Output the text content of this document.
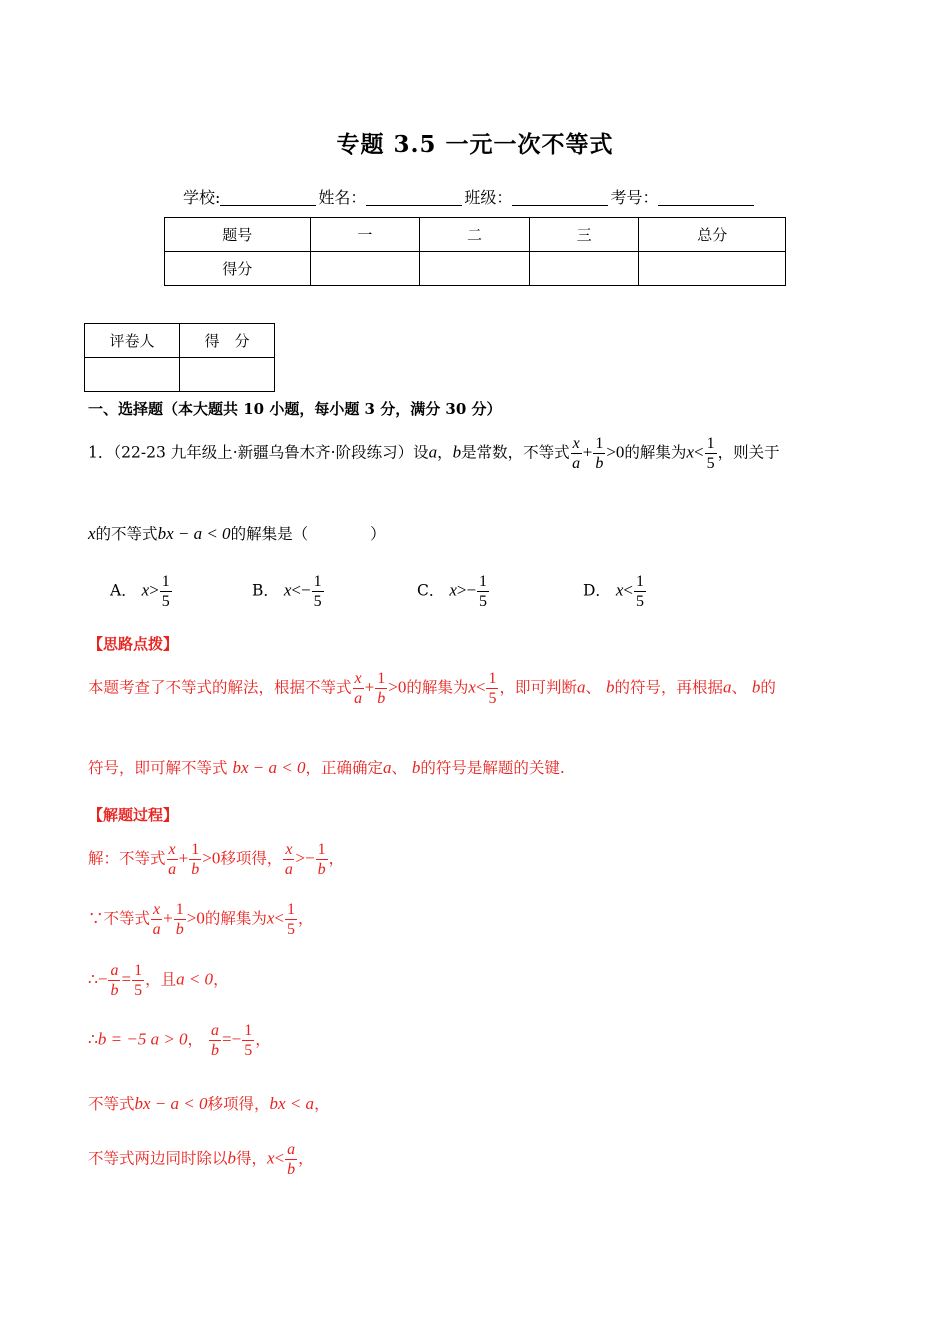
专题 3.5 一元一次不等式
学校:	姓名：	班级：	考号：
题号	一	二	三	总分
得分				
评卷人	得　分

一、选择题（本大题共 10 小题，每小题 3 分，满分 30 分）
1．（22-23 九年级上·新疆乌鲁木齐·阶段练习）设a，b是常数，不等式 $\frac{x}{a} + \frac{1}{b} >0$的解集为$x< \frac{1}{5}$ ，则关于
x的不等式bx − a < 0的解集是（　　　　）
A． $x> \frac{1}{5}$	B． $x<- \frac{1}{5}$	C． $x>- \frac{1}{5}$	D． $x< \frac{1}{5}$
【思路点拨】
本题考查了不等式的解法，根据不等式 $\frac{x}{a} + \frac{1}{b} >0$的解集为$x< \frac{1}{5}$ ，即可判断a、 b的符号，再根据a、 b的
符号，即可解不等式 bx − a < 0，正确确定a、 b的符号是解题的关键.
【解题过程】
解：不等式 $\frac{x}{a} + \frac{1}{b} >0$移项得， $\frac{x}{a} >- \frac{1}{b}$ ，
∵不等式 $\frac{x}{a} + \frac{1}{b} >0$的解集为$x< \frac{1}{5}$ ，
∴− $\frac{a}{b} = \frac{1}{5}$ ，且a < 0，
∴b = −5 a > 0， $\frac{a}{b} =- \frac{1}{5}$ ，
不等式bx − a < 0移项得，bx < a，
不等式两边同时除以b得，$x< \frac{a}{b}$ ，
